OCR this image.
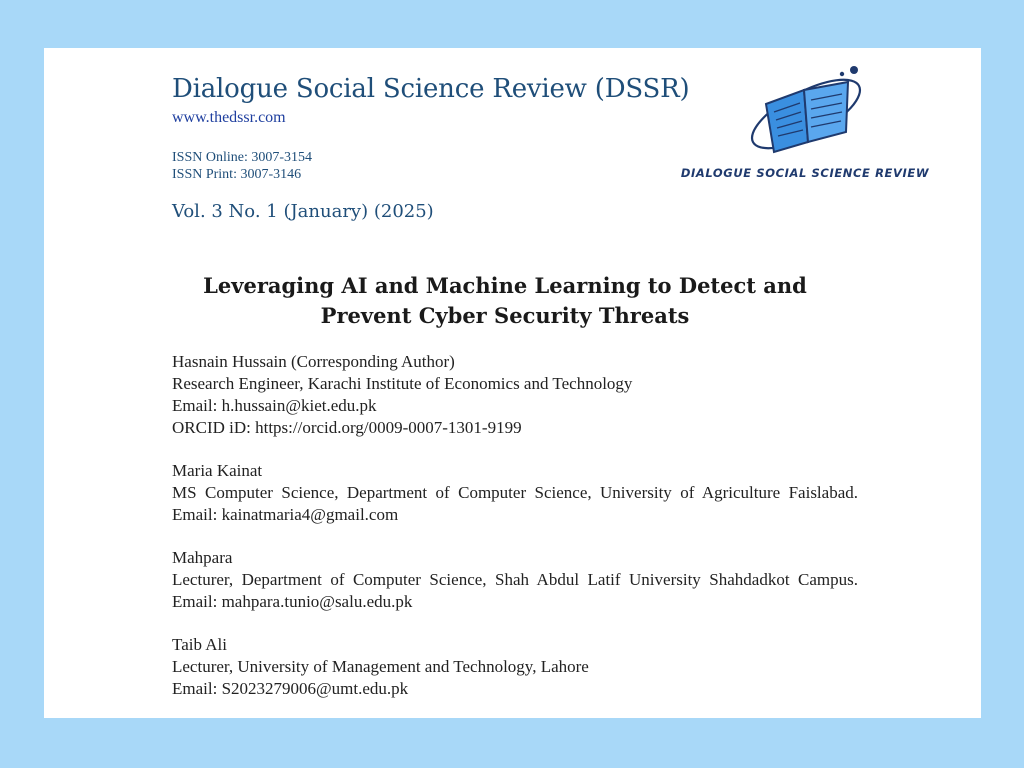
Dialogue Social Science Review (DSSR)
www.thedssr.com
ISSN Online: 3007-3154
ISSN Print: 3007-3146
Vol. 3 No. 1 (January) (2025)
DIALOGUE SOCIAL SCIENCE REVIEW
Leveraging AI and Machine Learning to Detect and
Prevent Cyber Security Threats
Hasnain Hussain (Corresponding Author)
Research Engineer, Karachi Institute of Economics and Technology
Email: h.hussain@kiet.edu.pk
ORCID iD: https://orcid.org/0009-0007-1301-9199
Maria Kainat
MS Computer Science, Department of Computer Science, University of Agriculture Faislabad. Email: kainatmaria4@gmail.com
Mahpara
Lecturer, Department of Computer Science, Shah Abdul Latif University Shahdadkot Campus. Email: mahpara.tunio@salu.edu.pk
Taib Ali
Lecturer, University of Management and Technology, Lahore
Email: S2023279006@umt.edu.pk
